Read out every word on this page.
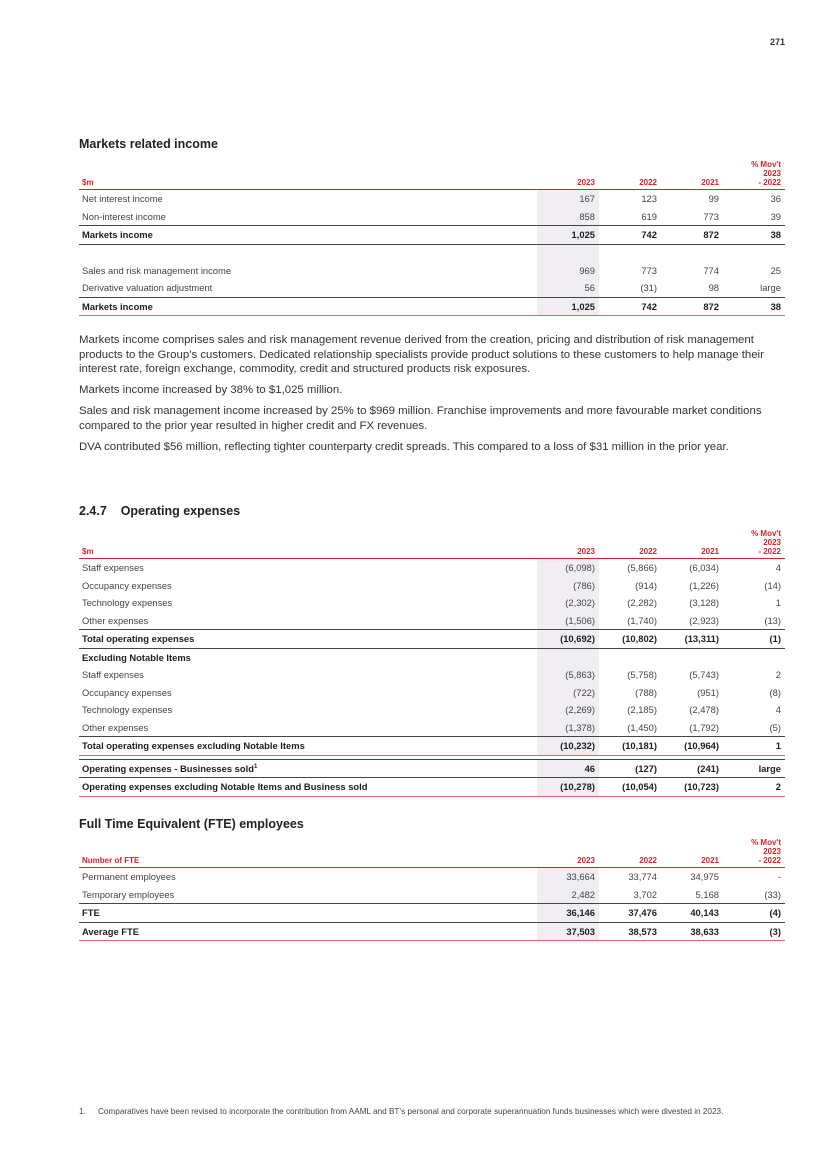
271
Markets related income
$m	2023	2022	2021	% Mov't
2023
- 2022
Net interest income	167	123	99	36
Non-interest income	858	619	773	39
Markets income	1,025	742	872	38

Sales and risk management income	969	773	774	25
Derivative valuation adjustment	56	(31)	98	large
Markets income	1,025	742	872	38

Markets income comprises sales and risk management revenue derived from the creation, pricing and distribution of risk management products to the Group’s customers. Dedicated relationship specialists provide product solutions to these customers to help manage their interest rate, foreign exchange, commodity, credit and structured products risk exposures.

Markets income increased by 38% to $1,025 million.

Sales and risk management income increased by 25% to $969 million. Franchise improvements and more favourable market conditions compared to the prior year resulted in higher credit and FX revenues.

DVA contributed $56 million, reflecting tighter counterparty credit spreads. This compared to a loss of $31 million in the prior year.

2.4.7    Operating expenses
$m	2023	2022	2021	% Mov't
2023
- 2022
Staff expenses	(6,098)	(5,866)	(6,034)	4
Occupancy expenses	(786)	(914)	(1,226)	(14)
Technology expenses	(2,302)	(2,282)	(3,128)	1
Other expenses	(1,506)	(1,740)	(2,923)	(13)
Total operating expenses	(10,692)	(10,802)	(13,311)	(1)
Excluding Notable Items				
Staff expenses	(5,863)	(5,758)	(5,743)	2
Occupancy expenses	(722)	(788)	(951)	(8)
Technology expenses	(2,269)	(2,185)	(2,478)	4
Other expenses	(1,378)	(1,450)	(1,792)	(5)
Total operating expenses excluding Notable Items	(10,232)	(10,181)	(10,964)	1

Operating expenses - Businesses sold$^1$	46	(127)	(241)	large
Operating expenses excluding Notable Items and Business sold	(10,278)	(10,054)	(10,723)	2
Full Time Equivalent (FTE) employees
Number of FTE	2023	2022	2021	% Mov't
2023
- 2022
Permanent employees	33,664	33,774	34,975	-
Temporary employees	2,482	3,702	5,168	(33)
FTE	36,146	37,476	40,143	(4)
Average FTE	37,503	38,573	38,633	(3)
1.	Comparatives have been revised to incorporate the contribution from AAML and BT’s personal and corporate superannuation funds businesses which were divested in 2023.
